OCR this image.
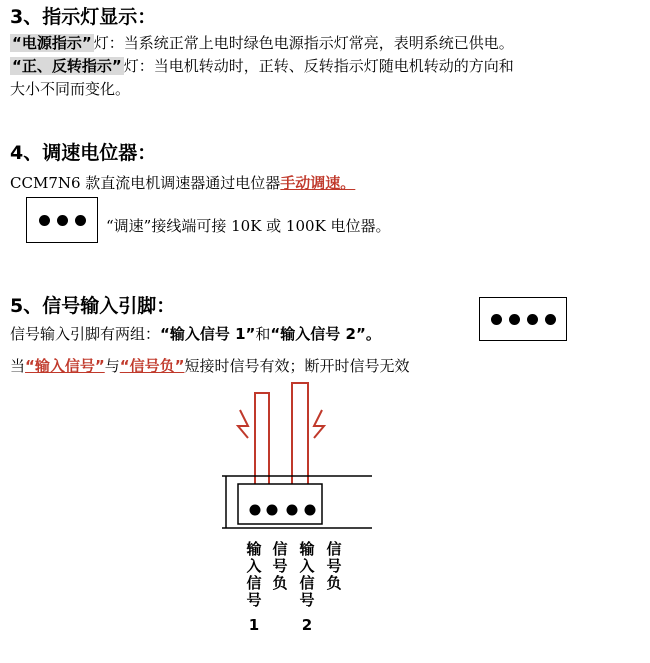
3、指示灯显示：
“电源指示” 灯：当系统正常上电时绿色电源指示灯常亮，表明系统已供电。
“正、反转指示” 灯：当电机转动时，正转、反转指示灯随电机转动的方向和
大小不同而变化。
4、调速电位器：
CCM7N6 款直流电机调速器通过电位器手动调速。
“调速”接线端可接 10K 或 100K 电位器。
5、信号输入引脚：
信号输入引脚有两组：“输入信号 1”和“输入信号 2”。
当“输入信号”与“信号负”短接时信号有效；断开时信号无效
输入信号
信号负
输入信号
信号负
1	2
